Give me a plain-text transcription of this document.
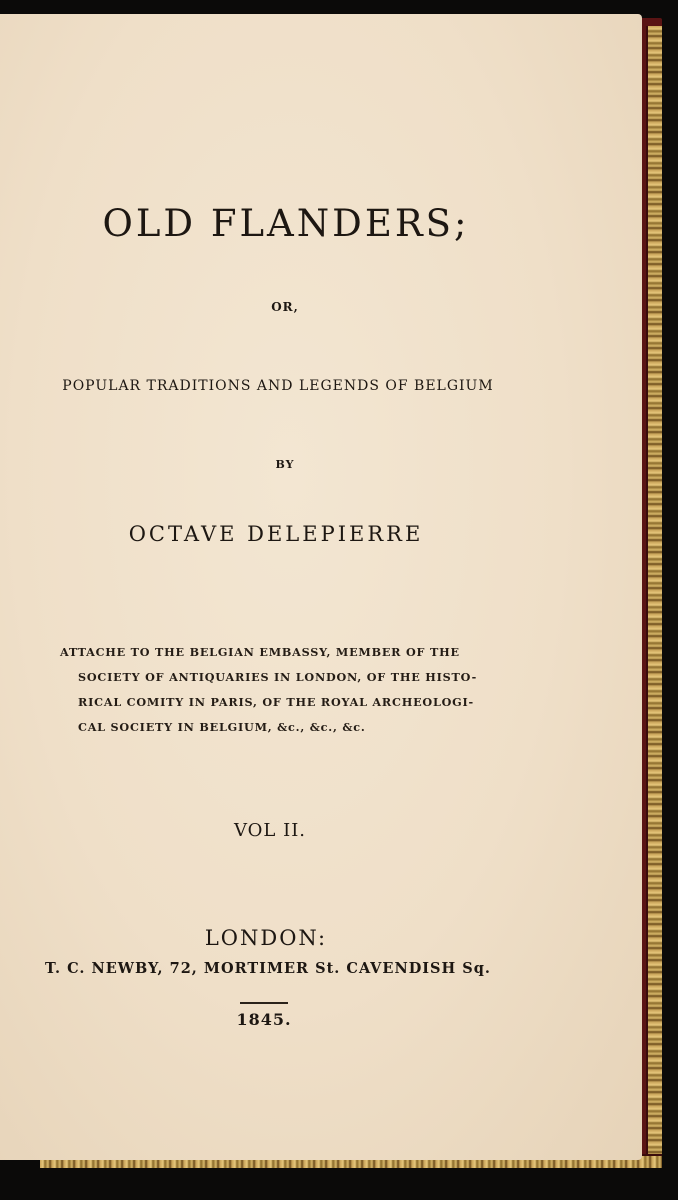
OLD FLANDERS;
OR,
POPULAR TRADITIONS AND LEGENDS OF BELGIUM
BY
OCTAVE DELEPIERRE
ATTACHE TO THE BELGIAN EMBASSY, MEMBER OF THE
SOCIETY OF ANTIQUARIES IN LONDON, OF THE HISTO-
RICAL COMITY IN PARIS, OF THE ROYAL ARCHEOLOGI-
CAL SOCIETY IN BELGIUM, &c., &c., &c.
VOL II.
LONDON:
T. C. NEWBY, 72, MORTIMER St. CAVENDISH Sq.
1845.
